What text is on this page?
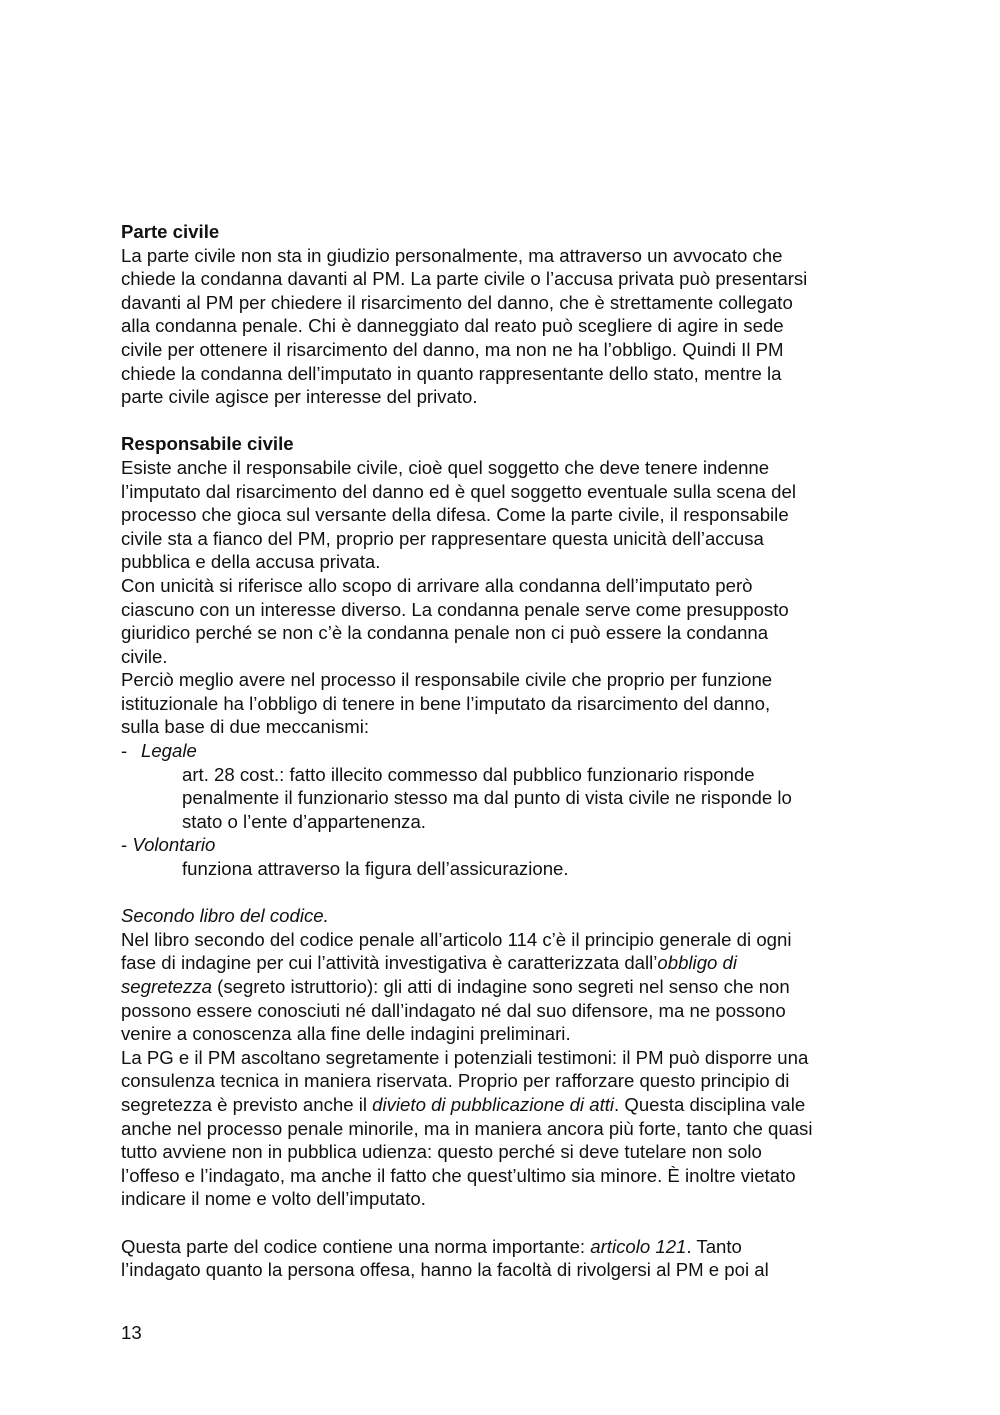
Parte civile
La parte civile non sta in giudizio personalmente, ma attraverso un avvocato che
chiede la condanna davanti al PM. La parte civile o l’accusa privata può presentarsi
davanti al PM per chiedere il risarcimento del danno, che è strettamente collegato
alla condanna penale. Chi è danneggiato dal reato può scegliere di agire in sede
civile per ottenere il risarcimento del danno, ma non ne ha l’obbligo. Quindi Il PM
chiede la condanna dell’imputato in quanto rappresentante dello stato, mentre la
parte civile agisce per interesse del privato.
Responsabile civile
Esiste anche il responsabile civile, cioè quel soggetto che deve tenere indenne
l’imputato dal risarcimento del danno ed è quel soggetto eventuale sulla scena del
processo che gioca sul versante della difesa. Come la parte civile, il responsabile
civile sta a fianco del PM, proprio per rappresentare questa unicità dell’accusa
pubblica e della accusa privata.
Con unicità si riferisce allo scopo di arrivare alla condanna dell’imputato però
ciascuno con un interesse diverso. La condanna penale serve come presupposto
giuridico perché se non c’è la condanna penale non ci può essere la condanna
civile.
Perciò meglio avere nel processo il responsabile civile che proprio per funzione
istituzionale ha l’obbligo di tenere in bene l’imputato da risarcimento del danno,
sulla base di due meccanismi:
- Legale
art. 28 cost.: fatto illecito commesso dal pubblico funzionario risponde
penalmente il funzionario stesso ma dal punto di vista civile ne risponde lo
stato o l’ente d’appartenenza.
- Volontario
funziona attraverso la figura dell’assicurazione.
Secondo libro del codice.
Nel libro secondo del codice penale all’articolo 114 c’è il principio generale di ogni
fase di indagine per cui l’attività investigativa è caratterizzata dall’obbligo di
segretezza (segreto istruttorio): gli atti di indagine sono segreti nel senso che non
possono essere conosciuti né dall’indagato né dal suo difensore, ma ne possono
venire a conoscenza alla fine delle indagini preliminari.
La PG e il PM ascoltano segretamente i potenziali testimoni: il PM può disporre una
consulenza tecnica in maniera riservata. Proprio per rafforzare questo principio di
segretezza è previsto anche il divieto di pubblicazione di atti. Questa disciplina vale
anche nel processo penale minorile, ma in maniera ancora più forte, tanto che quasi
tutto avviene non in pubblica udienza: questo perché si deve tutelare non solo
l’offeso e l’indagato, ma anche il fatto che quest’ultimo sia minore. È inoltre vietato
indicare il nome e volto dell’imputato.
Questa parte del codice contiene una norma importante: articolo 121. Tanto
l’indagato quanto la persona offesa, hanno la facoltà di rivolgersi al PM e poi al
13
